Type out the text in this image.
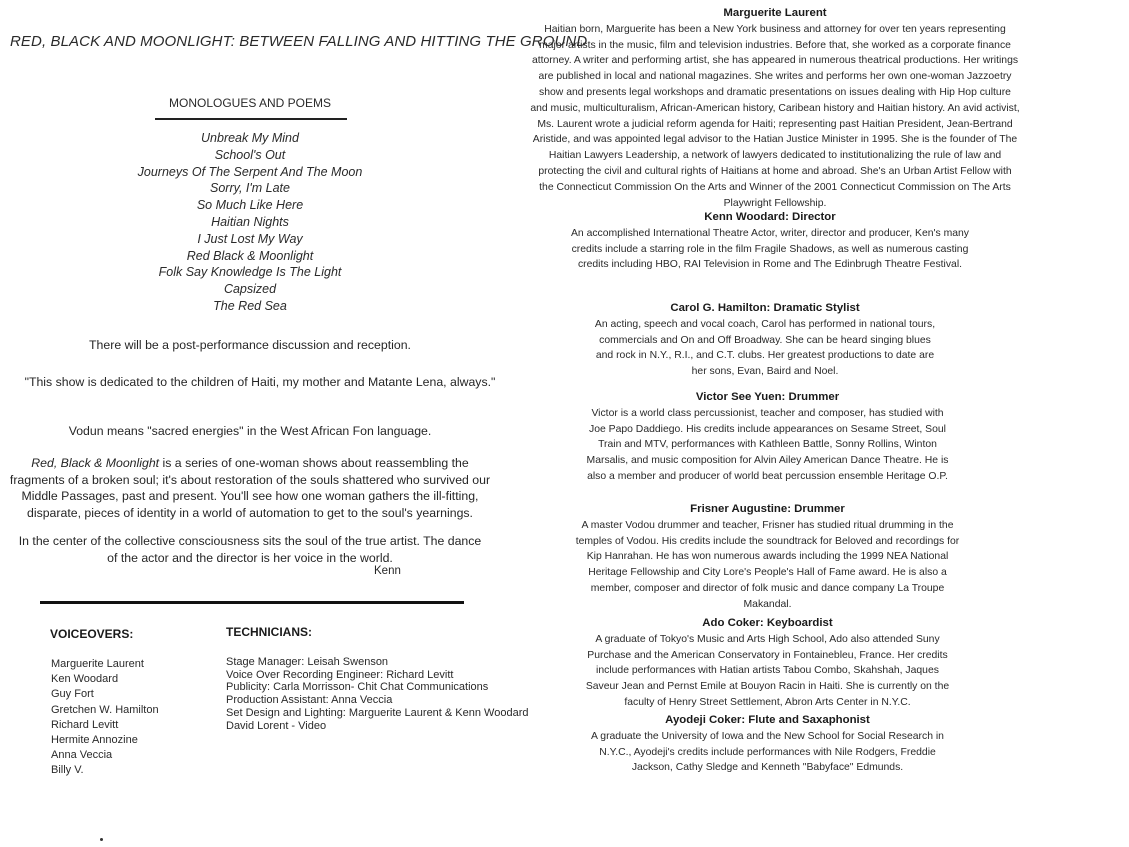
RED, BLACK AND MOONLIGHT: BETWEEN FALLING AND HITTING THE GROUND
MONOLOGUES AND POEMS
Unbreak My Mind
School's Out
Journeys Of The Serpent And The Moon
Sorry, I'm Late
So Much Like Here
Haitian Nights
I Just Lost My Way
Red Black & Moonlight
Folk Say Knowledge Is The Light
Capsized
The Red Sea
There will be a post-performance discussion and reception.
"This show is dedicated to the children of Haiti, my mother and Matante Lena, always."
Vodun means "sacred energies" in the West African Fon language.
Red, Black & Moonlight is a series of one-woman shows about reassembling the fragments of a broken soul; it's about restoration of the souls shattered who survived our Middle Passages, past and present. You'll see how one woman gathers the ill-fitting, disparate, pieces of identity in a world of automation to get to the soul's yearnings.
In the center of the collective consciousness sits the soul of the true artist. The dance of the actor and the director is her voice in the world.
Kenn
VOICEOVERS:
Marguerite Laurent
Ken Woodard
Guy Fort
Gretchen W. Hamilton
Richard Levitt
Hermite Annozine
Anna Veccia
Billy V.
TECHNICIANS:
Stage Manager: Leisah Swenson
Voice Over Recording Engineer: Richard Levitt
Publicity: Carla Morrisson- Chit Chat Communications
Production Assistant: Anna Veccia
Set Design and Lighting: Marguerite Laurent & Kenn Woodard
David Lorent - Video
Marguerite Laurent
Haitian born, Marguerite has been a New York business and attorney for over ten years representing major artists in the music, film and television industries. Before that, she worked as a corporate finance attorney. A writer and performing artist, she has appeared in numerous theatrical productions. Her writings are published in local and national magazines. She writes and performs her own one-woman Jazzoetry show and presents legal workshops and dramatic presentations on issues dealing with Hip Hop culture and music, multiculturalism, African-American history, Caribean history and Haitian history. An avid activist, Ms. Laurent wrote a judicial reform agenda for Haiti; representing past Haitian President, Jean-Bertrand Aristide, and was appointed legal advisor to the Hatian Justice Minister in 1995. She is the founder of The Haitian Lawyers Leadership, a network of lawyers dedicated to institutionalizing the rule of law and protecting the civil and cultural rights of Haitians at home and abroad. She's an Urban Artist Fellow with the Connecticut Commission On the Arts and Winner of the 2001 Connecticut Commission on The Arts Playwright Fellowship.
Kenn Woodard: Director
An accomplished International Theatre Actor, writer, director and producer, Ken's many credits include a starring role in the film Fragile Shadows, as well as numerous casting credits including HBO, RAI Television in Rome and The Edinbrugh Theatre Festival.
Carol G. Hamilton: Dramatic Stylist
An acting, speech and vocal coach, Carol has performed in national tours, commercials and On and Off Broadway. She can be heard singing blues and rock in N.Y., R.I., and C.T. clubs. Her greatest productions to date are her sons, Evan, Baird and Noel.
Victor See Yuen: Drummer
Victor is a world class percussionist, teacher and composer, has studied with Joe Papo Daddiego. His credits include appearances on Sesame Street, Soul Train and MTV, performances with Kathleen Battle, Sonny Rollins, Winton Marsalis, and music composition for Alvin Ailey American Dance Theatre. He is also a member and producer of world beat percussion ensemble Heritage O.P.
Frisner Augustine: Drummer
A master Vodou drummer and teacher, Frisner has studied ritual drumming in the temples of Vodou. His credits include the soundtrack for Beloved and recordings for Kip Hanrahan. He has won numerous awards including the 1999 NEA National Heritage Fellowship and City Lore's People's Hall of Fame award. He is also a member, composer and director of folk music and dance company La Troupe Makandal.
Ado Coker: Keyboardist
A graduate of Tokyo's Music and Arts High School, Ado also attended Suny Purchase and the American Conservatory in Fontainebleu, France. Her credits include performances with Hatian artists Tabou Combo, Skahshah, Jaques Saveur Jean and Pernst Emile at Bouyon Racin in Haiti. She is currently on the faculty of Henry Street Settlement, Abron Arts Center in N.Y.C.
Ayodeji Coker: Flute and Saxaphonist
A graduate the University of Iowa and the New School for Social Research in N.Y.C., Ayodeji's credits include performances with Nile Rodgers, Freddie Jackson, Cathy Sledge and Kenneth "Babyface" Edmunds.
